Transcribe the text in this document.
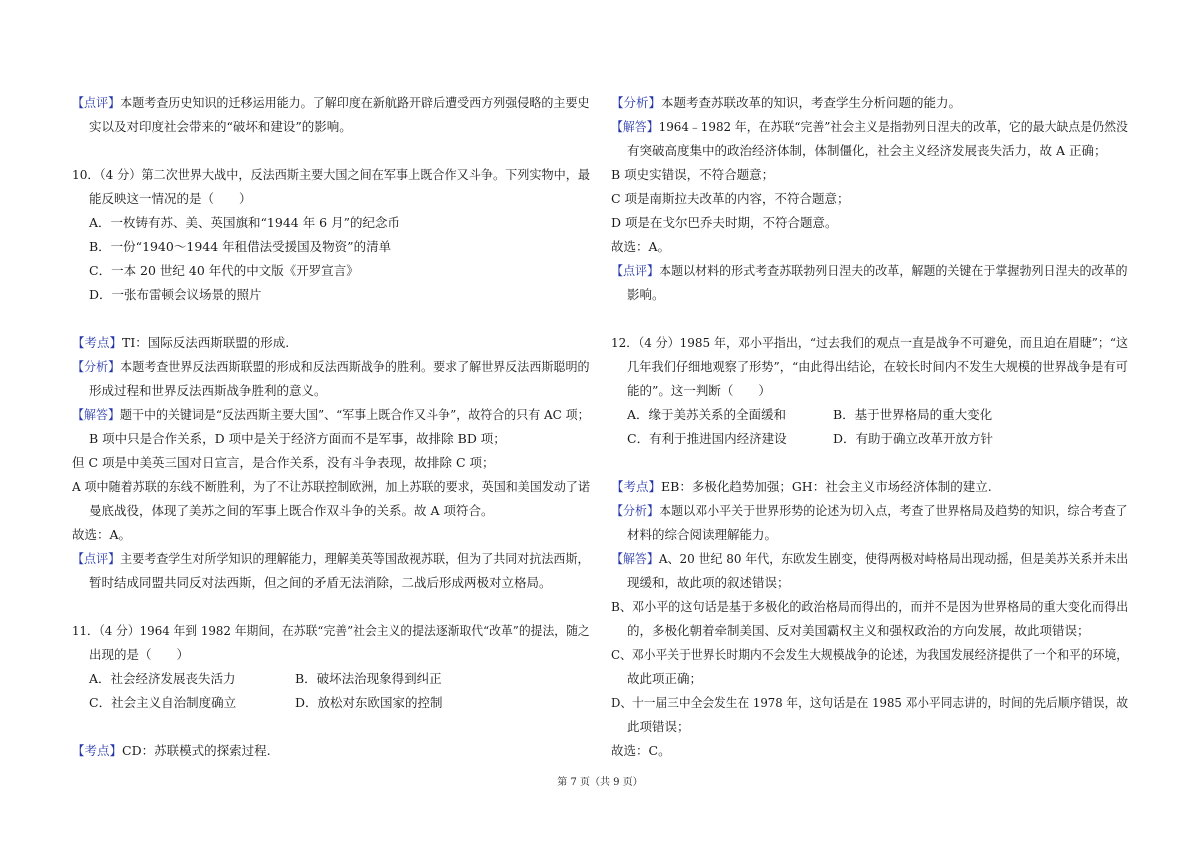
【点评】本题考查历史知识的迁移运用能力。了解印度在新航路开辟后遭受西方列强侵略的主要史
实以及对印度社会带来的“破坏和建设”的影响。
10．（4 分）第二次世界大战中，反法西斯主要大国之间在军事上既合作又斗争。下列实物中，最
能反映这一情况的是（　　）
A．一枚铸有苏、美、英国旗和“1944 年 6 月”的纪念币
B．一份“1940～1944 年租借法受援国及物资”的清单
C．一本 20 世纪 40 年代的中文版《开罗宣言》
D．一张布雷顿会议场景的照片
【考点】TI：国际反法西斯联盟的形成.
【分析】本题考查世界反法西斯联盟的形成和反法西斯战争的胜利。要求了解世界反法西斯聪明的
形成过程和世界反法西斯战争胜利的意义。
【解答】题干中的关键词是“反法西斯主要大国”、“军事上既合作又斗争”，故符合的只有 AC 项；
B 项中只是合作关系，D 项中是关于经济方面而不是军事，故排除 BD 项；
但 C 项是中美英三国对日宣言，是合作关系，没有斗争表现，故排除 C 项；
A 项中随着苏联的东线不断胜利，为了不让苏联控制欧洲，加上苏联的要求，英国和美国发动了诺
曼底战役，体现了美苏之间的军事上既合作双斗争的关系。故 A 项符合。
故选：A。
【点评】主要考查学生对所学知识的理解能力，理解美英等国敌视苏联，但为了共同对抗法西斯，
暂时结成同盟共同反对法西斯，但之间的矛盾无法消除，二战后形成两极对立格局。
11．（4 分）1964 年到 1982 年期间，在苏联“完善”社会主义的提法逐渐取代“改革”的提法，随之
出现的是（　　）
A．社会经济发展丧失活力	B．破坏法治现象得到纠正
C．社会主义自治制度确立	D．放松对东欧国家的控制
【考点】CD：苏联模式的探索过程.
【分析】本题考查苏联改革的知识，考查学生分析问题的能力。
【解答】1964﹣1982 年，在苏联“完善”社会主义是指勃列日涅夫的改革，它的最大缺点是仍然没
有突破高度集中的政治经济体制，体制僵化，社会主义经济发展丧失活力，故 A 正确；
B 项史实错误，不符合题意；
C 项是南斯拉夫改革的内容，不符合题意；
D 项是在戈尔巴乔夫时期，不符合题意。
故选：A。
【点评】本题以材料的形式考查苏联勃列日涅夫的改革，解题的关键在于掌握勃列日涅夫的改革的
影响。
12．（4 分）1985 年，邓小平指出，“过去我们的观点一直是战争不可避免，而且迫在眉睫”；“这
几年我们仔细地观察了形势”，“由此得出结论，在较长时间内不发生大规模的世界战争是有可
能的”。这一判断（　　）
A．缘于美苏关系的全面缓和	B．基于世界格局的重大变化
C．有利于推进国内经济建设	D．有助于确立改革开放方针
【考点】EB：多极化趋势加强；GH：社会主义市场经济体制的建立.
【分析】本题以邓小平关于世界形势的论述为切入点，考查了世界格局及趋势的知识，综合考查了
材料的综合阅读理解能力。
【解答】A、20 世纪 80 年代，东欧发生剧变，使得两极对峙格局出现动摇，但是美苏关系并未出
现缓和，故此项的叙述错误；
B、邓小平的这句话是基于多极化的政治格局而得出的，而并不是因为世界格局的重大变化而得出
的，多极化朝着牵制美国、反对美国霸权主义和强权政治的方向发展，故此项错误；
C、邓小平关于世界长时期内不会发生大规模战争的论述，为我国发展经济提供了一个和平的环境，
故此项正确；
D、十一届三中全会发生在 1978 年，这句话是在 1985 邓小平同志讲的，时间的先后顺序错误，故
此项错误；
故选：C。
第 7 页（共 9 页）
